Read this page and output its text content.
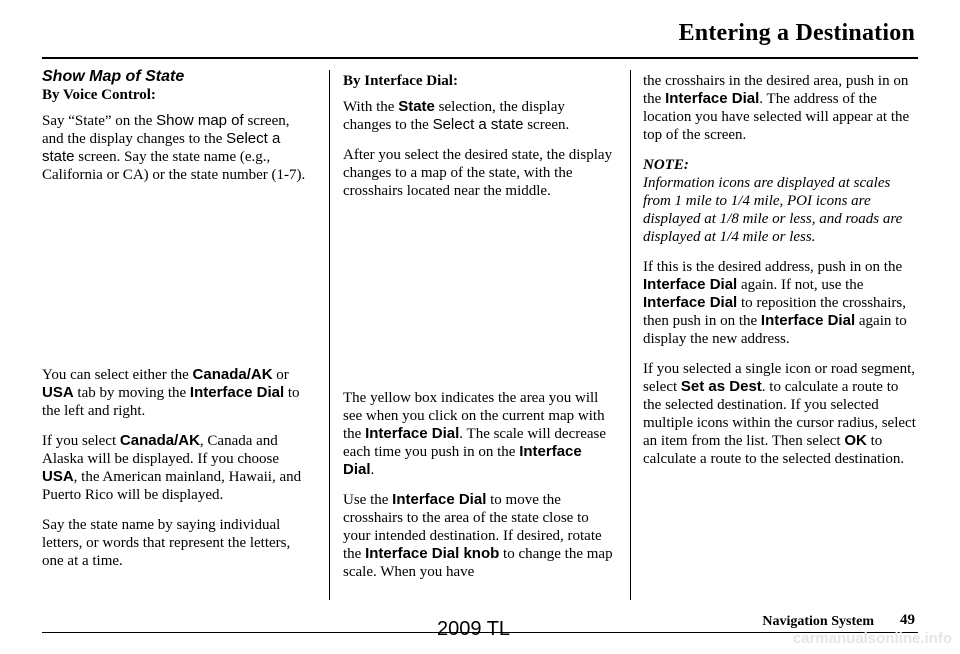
Entering a Destination
Show Map of State
By Voice Control:

Say “State” on the Show map of screen, and the display changes to the Select a state screen. Say the state name (e.g., California or CA) or the state number (1-7).

You can select either the Canada/AK or USA tab by moving the Interface Dial to the left and right.

If you select Canada/AK, Canada and Alaska will be displayed. If you choose USA, the American mainland, Hawaii, and Puerto Rico will be displayed.

Say the state name by saying individual letters, or words that represent the letters, one at a time.

By Interface Dial:

With the State selection, the display changes to the Select a state screen.

After you select the desired state, the display changes to a map of the state, with the crosshairs located near the middle.

The yellow box indicates the area you will see when you click on the current map with the Interface Dial. The scale will decrease each time you push in on the Interface Dial.

Use the Interface Dial to move the crosshairs to the area of the state close to your intended destination. If desired, rotate the Interface Dial knob to change the map scale. When you have

the crosshairs in the desired area, push in on the Interface Dial. The address of the location you have selected will appear at the top of the screen.

NOTE:

Information icons are displayed at scales from 1 mile to 1/4 mile, POI icons are displayed at 1/8 mile or less, and roads are displayed at 1/4 mile or less.

If this is the desired address, push in on the Interface Dial again. If not, use the Interface Dial to reposition the crosshairs, then push in on the Interface Dial again to display the new address.

If you selected a single icon or road segment, select Set as Dest. to calculate a route to the selected destination. If you selected multiple icons within the cursor radius, select an item from the list. Then select OK to calculate a route to the selected destination.

Navigation System 49
2009 TL	carmanualsonline.info
